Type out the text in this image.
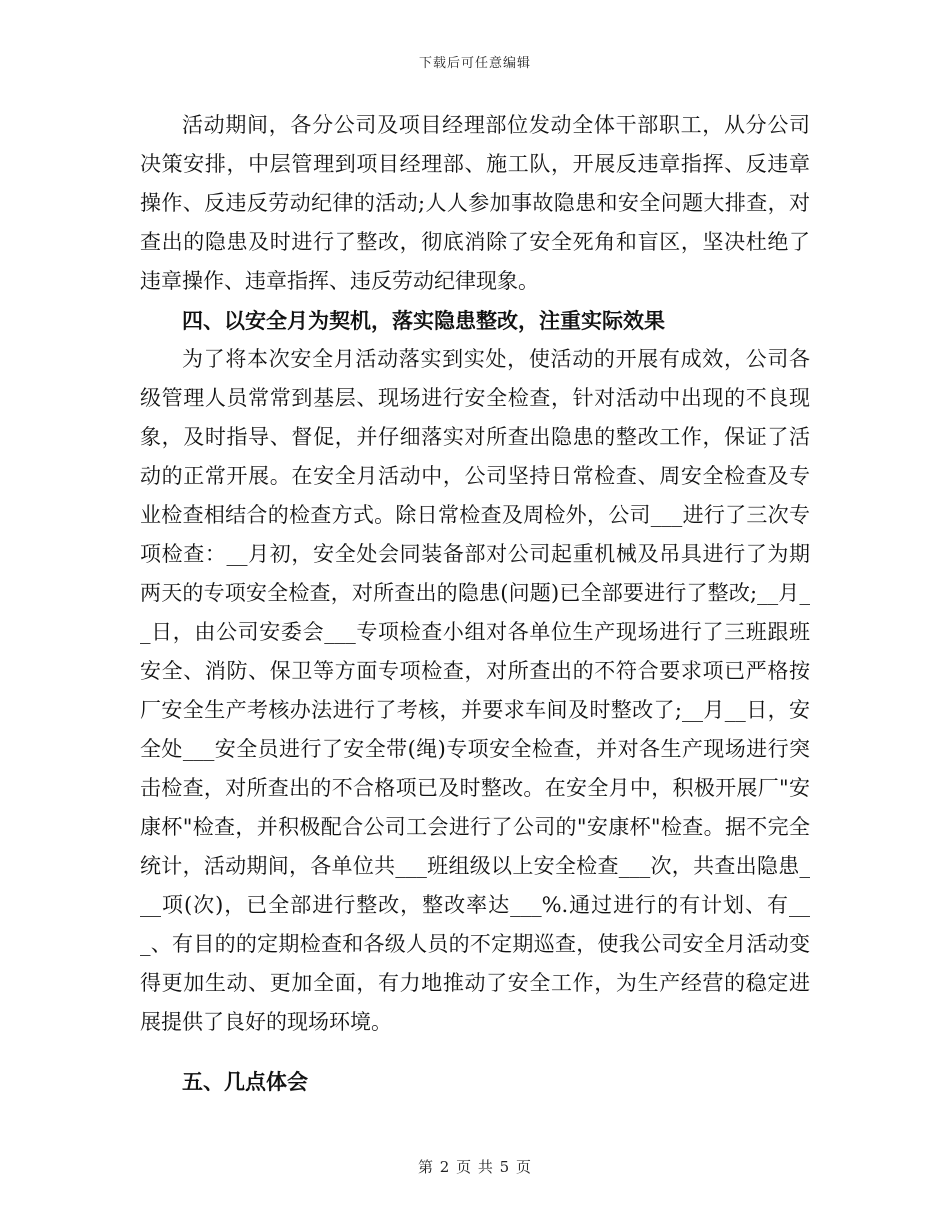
下载后可任意编辑

活动期间，各分公司及项目经理部位发动全体干部职工，从分公司决策安排，中层管理到项目经理部、施工队，开展反违章指挥、反违章操作、反违反劳动纪律的活动;人人参加事故隐患和安全问题大排查，对查出的隐患及时进行了整改，彻底消除了安全死角和盲区，坚决杜绝了违章操作、违章指挥、违反劳动纪律现象。

四、以安全月为契机，落实隐患整改，注重实际效果

为了将本次安全月活动落实到实处，使活动的开展有成效，公司各级管理人员常常到基层、现场进行安全检查，针对活动中出现的不良现象，及时指导、督促，并仔细落实对所查出隐患的整改工作，保证了活动的正常开展。在安全月活动中，公司坚持日常检查、周安全检查及专业检查相结合的检查方式。除日常检查及周检外，公司___进行了三次专项检查：__月初，安全处会同装备部对公司起重机械及吊具进行了为期两天的专项安全检查，对所查出的隐患(问题)已全部要进行了整改;__月__日，由公司安委会___专项检查小组对各单位生产现场进行了三班跟班安全、消防、保卫等方面专项检查，对所查出的不符合要求项已严格按厂安全生产考核办法进行了考核，并要求车间及时整改了;__月__日，安全处___安全员进行了安全带(绳)专项安全检查，并对各生产现场进行突击检查，对所查出的不合格项已及时整改。在安全月中，积极开展厂"安康杯"检查，并积极配合公司工会进行了公司的"安康杯"检查。据不完全统计，活动期间，各单位共___班组级以上安全检查___次，共查出隐患___项(次)，已全部进行整改，整改率达___%.通过进行的有计划、有___、有目的的定期检查和各级人员的不定期巡查，使我公司安全月活动变得更加生动、更加全面，有力地推动了安全工作，为生产经营的稳定进展提供了良好的现场环境。

五、几点体会

第 2 页 共 5 页
